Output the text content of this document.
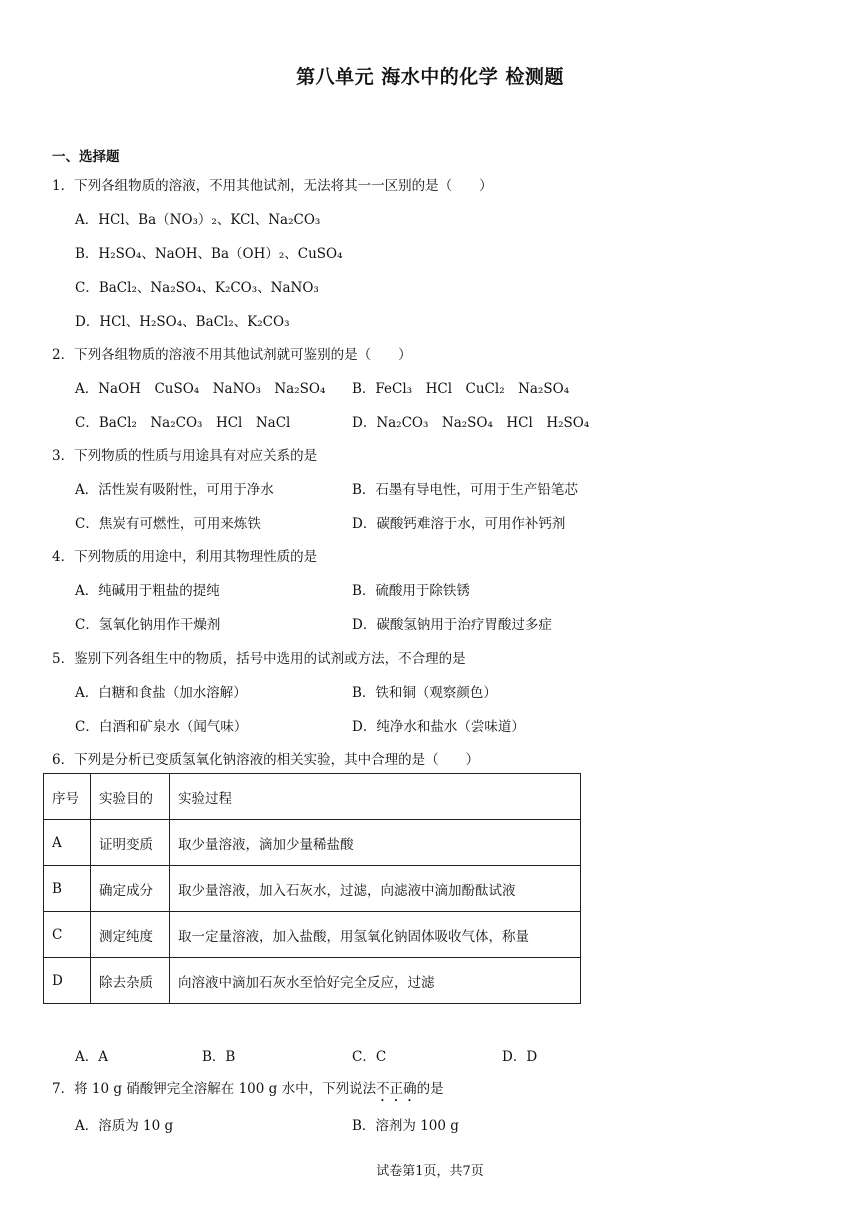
第八单元 海水中的化学 检测题
一、选择题
1．下列各组物质的溶液，不用其他试剂，无法将其一一区别的是（　　）
A．HCl、Ba（NO₃）₂、KCl、Na₂CO₃
B．H₂SO₄、NaOH、Ba（OH）₂、CuSO₄
C．BaCl₂、Na₂SO₄、K₂CO₃、NaNO₃
D．HCl、H₂SO₄、BaCl₂、K₂CO₃
2．下列各组物质的溶液不用其他试剂就可鉴别的是（　　）
A．NaOH　CuSO₄　NaNO₃　Na₂SO₄ B．FeCl₃　HCl　CuCl₂　Na₂SO₄
C．BaCl₂　Na₂CO₃　HCl　NaCl	D．Na₂CO₃　Na₂SO₄　HCl　H₂SO₄
3．下列物质的性质与用途具有对应关系的是
A．活性炭有吸附性，可用于净水	B．石墨有导电性，可用于生产铅笔芯
C．焦炭有可燃性，可用来炼铁	D．碳酸钙难溶于水，可用作补钙剂
4．下列物质的用途中，利用其物理性质的是
A．纯碱用于粗盐的提纯	B．硫酸用于除铁锈
C．氢氧化钠用作干燥剂	D．碳酸氢钠用于治疗胃酸过多症
5．鉴别下列各组生中的物质，括号中选用的试剂或方法，不合理的是
A．白糖和食盐（加水溶解）	B．铁和铜（观察颜色）
C．白酒和矿泉水（闻气味）	D．纯净水和盐水（尝味道）
6．下列是分析已变质氢氧化钠溶液的相关实验，其中合理的是（　　）
序号	实验目的	实验过程
A	证明变质	取少量溶液，滴加少量稀盐酸
B	确定成分	取少量溶液，加入石灰水，过滤，向滤液中滴加酚酞试液
C	测定纯度	取一定量溶液，加入盐酸，用氢氧化钠固体吸收气体，称量
D	除去杂质	向溶液中滴加石灰水至恰好完全反应，过滤
A．A	B．B	C．C	D．D
7．将 10 g 硝酸钾完全溶解在 100 g 水中，下列说法不正确的是
A．溶质为 10 g	B．溶剂为 100 g
试卷第1页，共7页
